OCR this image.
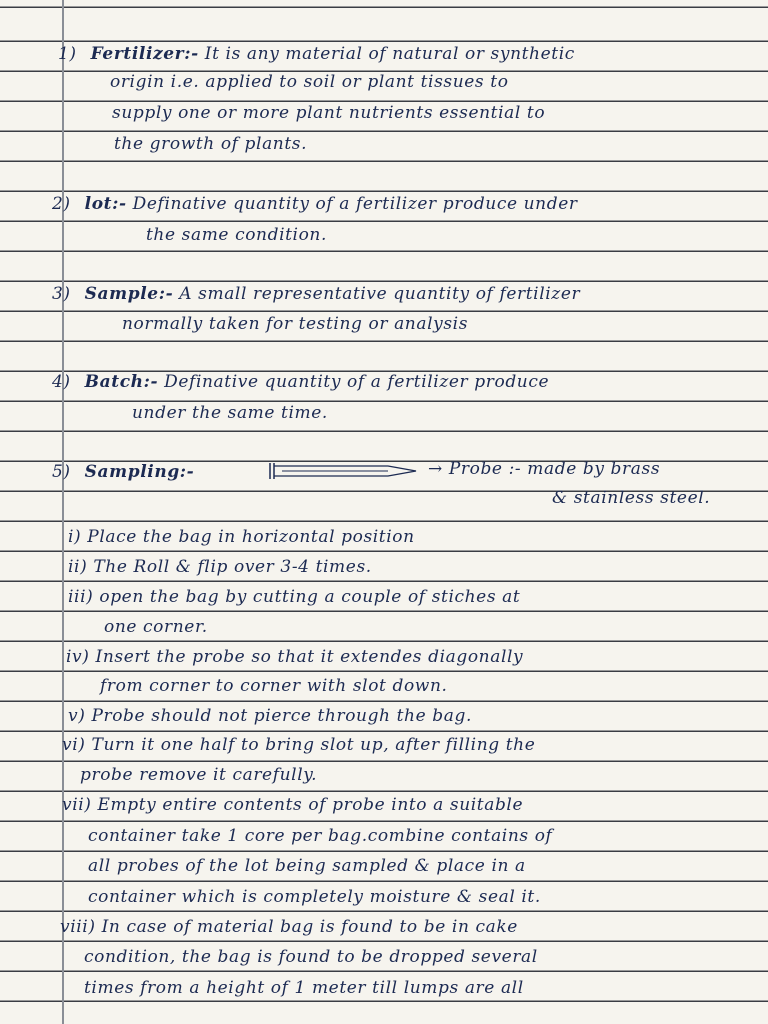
1) Fertilizer:- It is any material of natural or synthetic
origin i.e. applied to soil or plant tissues to
supply one or more plant nutrients essential to
the growth of plants.
2) lot:- Definative quantity of a fertilizer produce under
the same condition.
3) Sample:- A small representative quantity of fertilizer
normally taken for testing or analysis
4) Batch:- Definative quantity of a fertilizer produce
under the same time.
5) Sampling:-	→ Probe :- made by brass
& stainless steel.
i) Place the bag in horizontal position
ii) The Roll & flip over 3-4 times.
iii) open the bag by cutting a couple of stiches at
one corner.
iv) Insert the probe so that it extendes diagonally
from corner to corner with slot down.
v) Probe should not pierce through the bag.
vi) Turn it one half to bring slot up, after filling the
probe remove it carefully.
vii) Empty entire contents of probe into a suitable
container take 1 core per bag.combine contains of
all probes of the lot being sampled & place in a
container which is completely moisture & seal it.
viii) In case of material bag is found to be in cake
condition, the bag is found to be dropped several
times from a height of 1 meter till lumps are all
